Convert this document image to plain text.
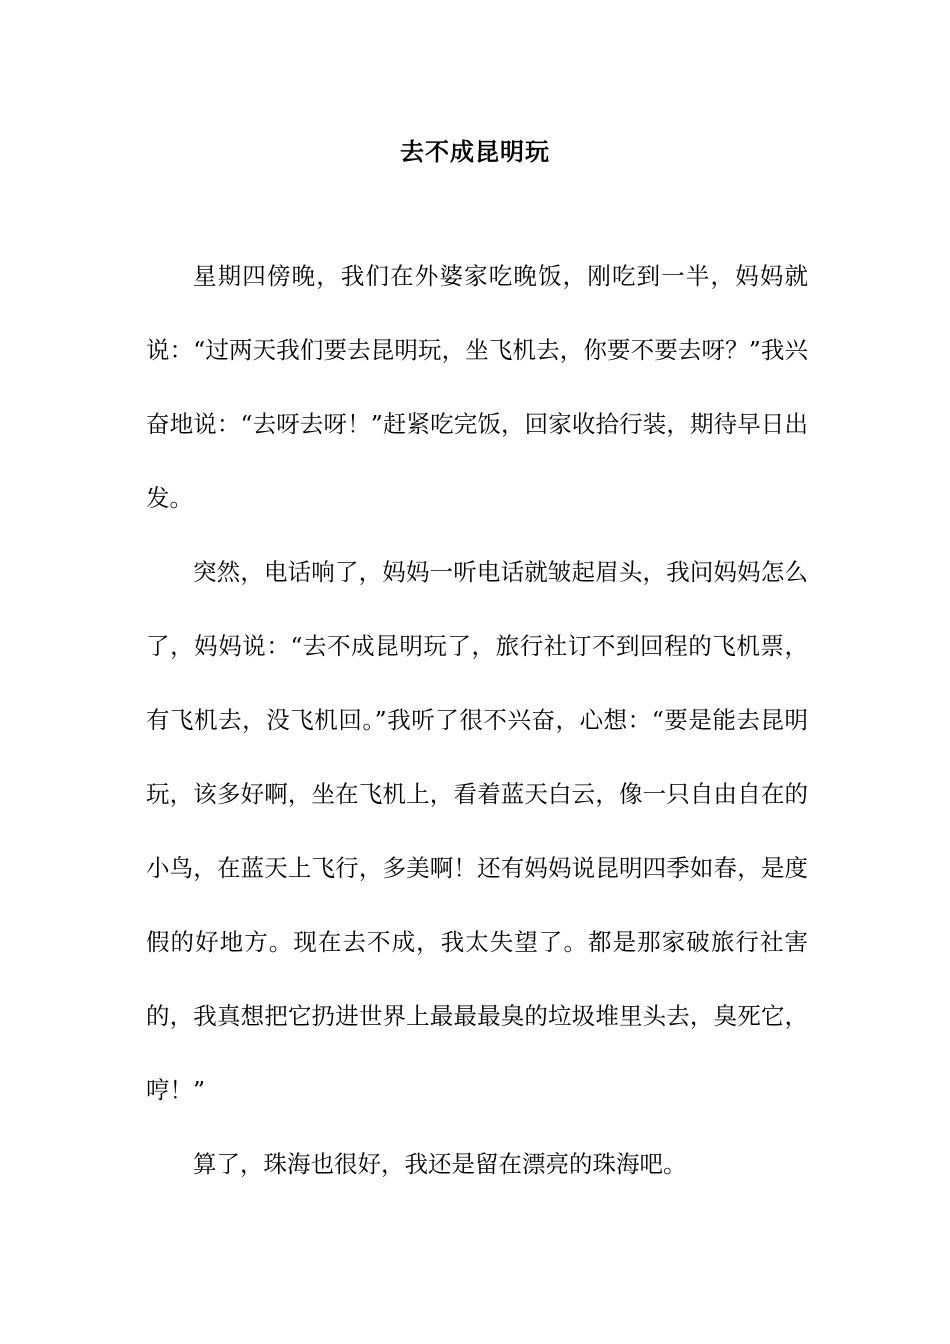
去不成昆明玩

星期四傍晚，我们在外婆家吃晚饭，刚吃到一半，妈妈就说：“过两天我们要去昆明玩，坐飞机去，你要不要去呀？”我兴奋地说：“去呀去呀！”赶紧吃完饭，回家收拾行装，期待早日出发。

突然，电话响了，妈妈一听电话就皱起眉头，我问妈妈怎么了，妈妈说：“去不成昆明玩了，旅行社订不到回程的飞机票，有飞机去，没飞机回。”我听了很不兴奋，心想：“要是能去昆明玩，该多好啊，坐在飞机上，看着蓝天白云，像一只自由自在的小鸟，在蓝天上飞行，多美啊！还有妈妈说昆明四季如春，是度假的好地方。现在去不成，我太失望了。都是那家破旅行社害的，我真想把它扔进世界上最最最臭的垃圾堆里头去，臭死它，哼！”

算了，珠海也很好，我还是留在漂亮的珠海吧。
